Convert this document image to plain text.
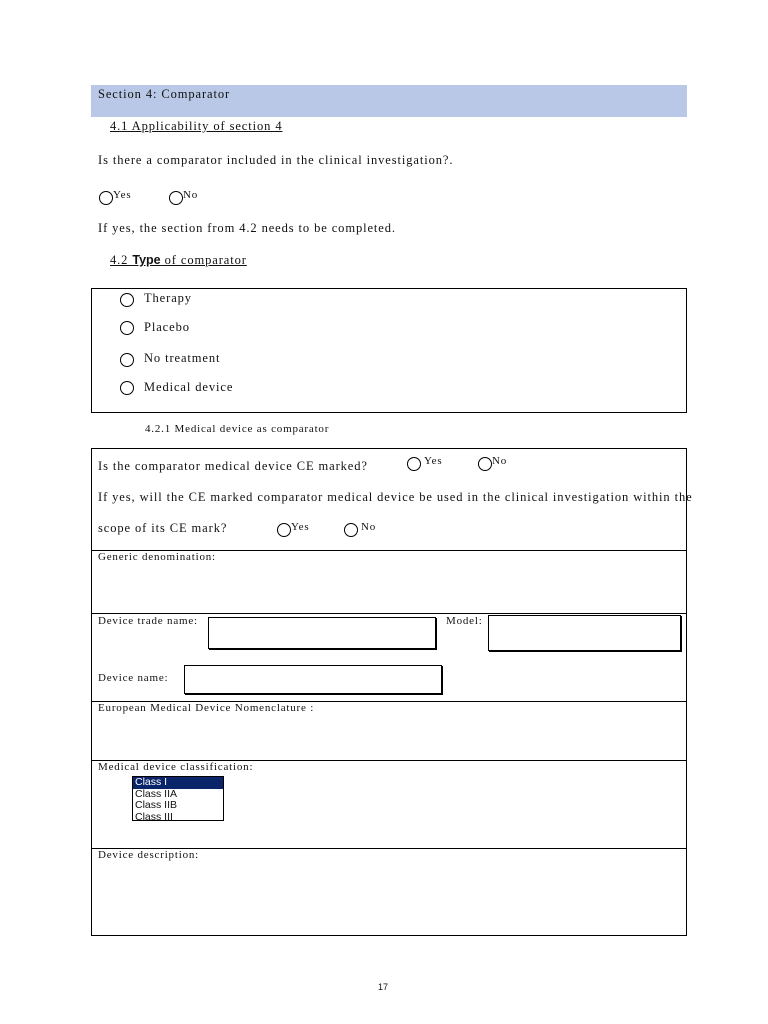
Section 4: Comparator
4.1 Applicability of section 4
Is there a comparator included in the clinical investigation?.
$^{Yes}$	$^{No}$
If yes, the section from 4.2 needs to be completed.
4.2 Type of comparator
Therapy
Placebo
No treatment
Medical device
4.2.1 Medical device as comparator
Is the comparator medical device CE marked?	$^{Yes}$	$^{No}$
If yes, will the CE marked comparator medical device be used in the clinical investigation within the
scope of its CE mark?	$^{Yes}$	$^{No}$
Generic denomination:
Device trade name:	Model:
Device name:
European Medical Device Nomenclature :
Medical device classification:
Class I
Class IIA
Class IIB
Class III
Device description:
17
